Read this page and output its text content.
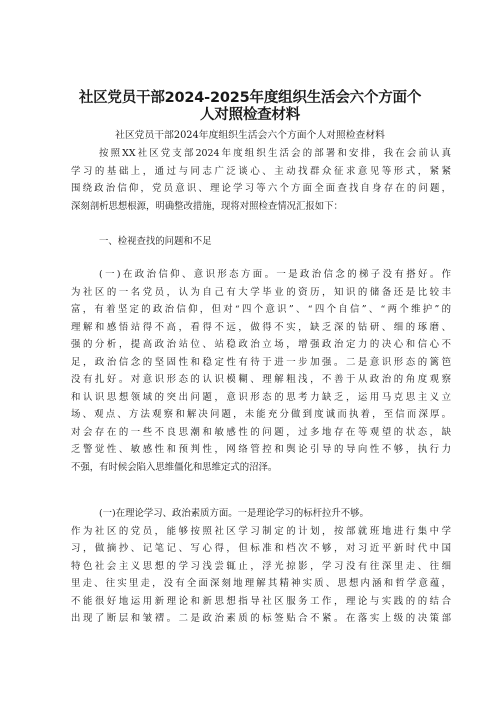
社区党员干部2024-2025年度组织生活会六个方面个
人对照检查材料
社区党员干部2024年度组织生活会六个方面个人对照检查材料
按照XX社区党支部2024年度组织生活会的部署和安排，我在会前认真
学习的基础上，通过与同志广泛谈心、主动找群众征求意见等形式，紧紧
围绕政治信仰，党员意识、理论学习等六个方面全面查找自身存在的问题，
深刻剖析思想根源，明确整改措施，现将对照检查情况汇报如下：
一、检视查找的问题和不足
(一)在政治信仰、意识形态方面。一是政治信念的梯子没有搭好。作
为社区的一名党员，认为自己有大学毕业的资历，知识的储备还是比较丰
富，有着坚定的政治信仰，但对“四个意识”、“四个自信”、“两个维护”的
理解和感悟站得不高，看得不远，做得不实，缺乏深的钻研、细的琢磨、
强的分析，提高政治站位、站稳政治立场，增强政治定力的决心和信心不
足，政治信念的坚固性和稳定性有待于进一步加强。二是意识形态的篱笆
没有扎好。对意识形态的认识模糊、理解粗浅，不善于从政治的角度观察
和认识思想领域的突出问题，意识形态的思考力缺乏，运用马克思主义立
场、观点、方法观察和解决问题，未能充分做到度诚而执着，至信而深厚。
对会存在的一些不良思潮和敏感性的问题，过多地存在等观望的状态，缺
乏警觉性、敏感性和预判性，网络管控和舆论引导的导向性不够，执行力
不强，有时候会陷入思维僵化和思维定式的沼泽。
(一)在理论学习、政治素质方面。一是理论学习的标杆拉升不够。
作为社区的党员，能够按照社区学习制定的计划，按部就班地进行集中学
习，做摘抄、记笔记、写心得，但标准和档次不够，对习近平新时代中国
特色社会主义思想的学习浅尝辄止，浮光掠影，学习没有往深里走、往细
里走、往实里走，没有全面深刻地理解其精神实质、思想内涵和哲学意蕴，
不能很好地运用新理论和新思想指导社区服务工作，理论与实践的的结合
出现了断层和皱褶。二是政治素质的标签贴合不紧。在落实上级的决策部
